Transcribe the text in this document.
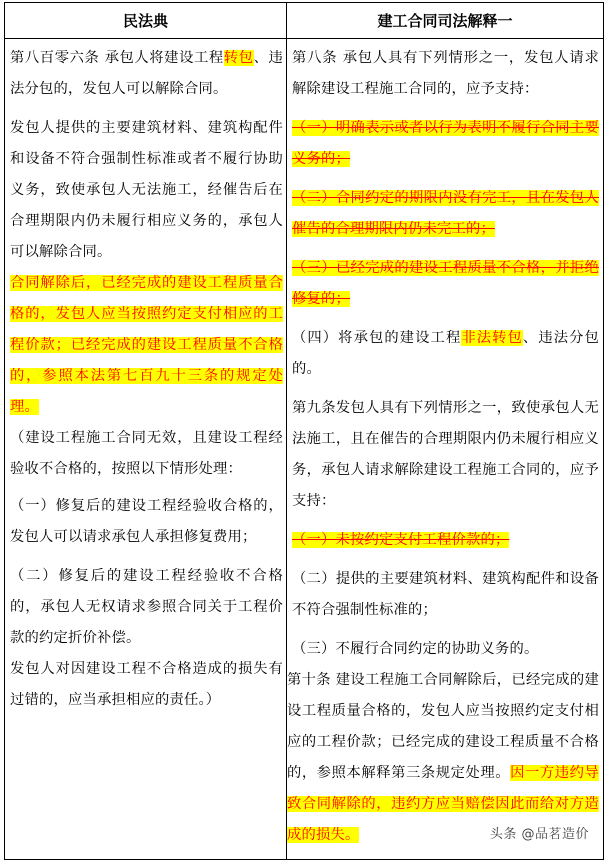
民法典	建工合同司法解释一

第八百零六条 承包人将建设工程转包、违法分包的，发包人可以解除合同。

发包人提供的主要建筑材料、建筑构配件和设备不符合强制性标准或者不履行协助义务，致使承包人无法施工，经催告后在合理期限内仍未履行相应义务的，承包人可以解除合同。

合同解除后，已经完成的建设工程质量合格的，发包人应当按照约定支付相应的工程价款；已经完成的建设工程质量不合格的，参照本法第七百九十三条的规定处理。

（建设工程施工合同无效，且建设工程经验收不合格的，按照以下情形处理：

（一）修复后的建设工程经验收合格的，发包人可以请求承包人承担修复费用；

（二）修复后的建设工程经验收不合格的，承包人无权请求参照合同关于工程价款的约定折价补偿。

发包人对因建设工程不合格造成的损失有过错的，应当承担相应的责任。）

第八条 承包人具有下列情形之一，发包人请求解除建设工程施工合同的，应予支持：

（一）明确表示或者以行为表明不履行合同主要义务的；

（二）合同约定的期限内没有完工，且在发包人催告的合理期限内仍未完工的；

（三）已经完成的建设工程质量不合格，并拒绝修复的；

（四）将承包的建设工程非法转包、违法分包的。

第九条发包人具有下列情形之一，致使承包人无法施工，且在催告的合理期限内仍未履行相应义务，承包人请求解除建设工程施工合同的，应予支持：

（一）未按约定支付工程价款的；

（二）提供的主要建筑材料、建筑构配件和设备不符合强制性标准的；

（三）不履行合同约定的协助义务的。

第十条 建设工程施工合同解除后，已经完成的建设工程质量合格的，发包人应当按照约定支付相应的工程价款；已经完成的建设工程质量不合格的，参照本解释第三条规定处理。因一方违约导致合同解除的，违约方应当赔偿因此而给对方造成的损失。	头条 @品茗造价
